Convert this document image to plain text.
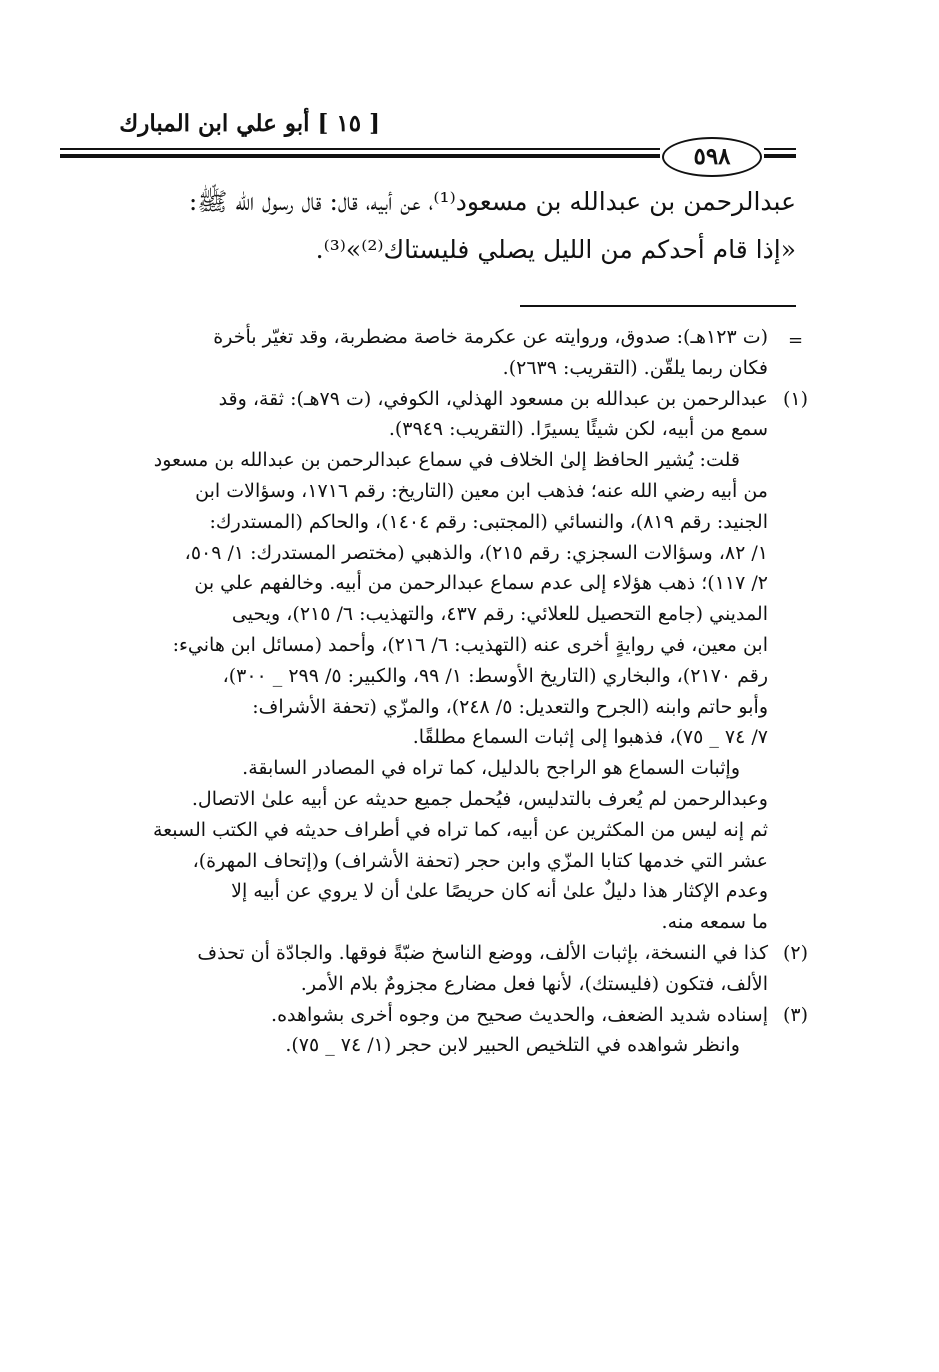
[ ١٥ ] أبو علي ابن المبارك
٥٩٨

عبدالرحمن بن عبدالله بن مسعود⁽¹⁾، عن أبيه، قال: قال رسول الله ﷺ:

«إذا قام أحدكم من الليل يصلي فليستاك⁽²⁾»⁽³⁾.

=

(ت ١٢٣هـ): صدوق، وروايته عن عكرمة خاصة مضطربة، وقد تغيّر بأخرة

فكان ربما يلقّن. (التقريب: ٢٦٣٩).

(١)

عبدالرحمن بن عبدالله بن مسعود الهذلي، الكوفي، (ت ٧٩هـ): ثقة، وقد

سمع من أبيه، لكن شيئًا يسيرًا. (التقريب: ٣٩٤٩).

قلت: يُشير الحافظ إلىٰ الخلاف في سماع عبدالرحمن بن عبدالله بن مسعود

من أبيه رضي الله عنه؛ فذهب ابن معين (التاريخ: رقم ١٧١٦، وسؤالات ابن

الجنيد: رقم ٨١٩)، والنسائي (المجتبى: رقم ١٤٠٤)، والحاكم (المستدرك:

١/ ٨٢، وسؤالات السجزي: رقم ٢١٥)، والذهبي (مختصر المستدرك: ١/ ٥٠٩،

٢/ ١١٧)؛ ذهب هؤلاء إلى عدم سماع عبدالرحمن من أبيه. وخالفهم علي بن

المديني (جامع التحصيل للعلائي: رقم ٤٣٧، والتهذيب: ٦/ ٢١٥)، ويحيى

ابن معين، في روايةٍ أخرى عنه (التهذيب: ٦/ ٢١٦)، وأحمد (مسائل ابن هانيء:

رقم ٢١٧٠)، والبخاري (التاريخ الأوسط: ١/ ٩٩، والكبير: ٥/ ٢٩٩ _ ٣٠٠)،

وأبو حاتم وابنه (الجرح والتعديل: ٥/ ٢٤٨)، والمزّي (تحفة الأشراف:

٧/ ٧٤ _ ٧٥)، فذهبوا إلى إثبات السماع مطلقًا.

وإثبات السماع هو الراجح بالدليل، كما تراه في المصادر السابقة.

وعبدالرحمن لم يُعرف بالتدليس، فيُحمل جميع حديثه عن أبيه علىٰ الاتصال.

ثم إنه ليس من المكثرين عن أبيه، كما تراه في أطراف حديثه في الكتب السبعة

عشر التي خدمها كتابا المزّي وابن حجر (تحفة الأشراف) و(إتحاف المهرة)،

وعدم الإكثار هذا دليلٌ علىٰ أنه كان حريصًا علىٰ أن لا يروي عن أبيه إلا

ما سمعه منه.

(٢)

كذا في النسخة، بإثبات الألف، ووضع الناسخ ضبّةً فوقها. والجادّة أن تحذف

الألف، فتكون (فليستك)، لأنها فعل مضارع مجزومٌ بلام الأمر.

(٣)

إسناده شديد الضعف، والحديث صحيح من وجوه أخرى بشواهده.

وانظر شواهده في التلخيص الحبير لابن حجر (١/ ٧٤ _ ٧٥).
